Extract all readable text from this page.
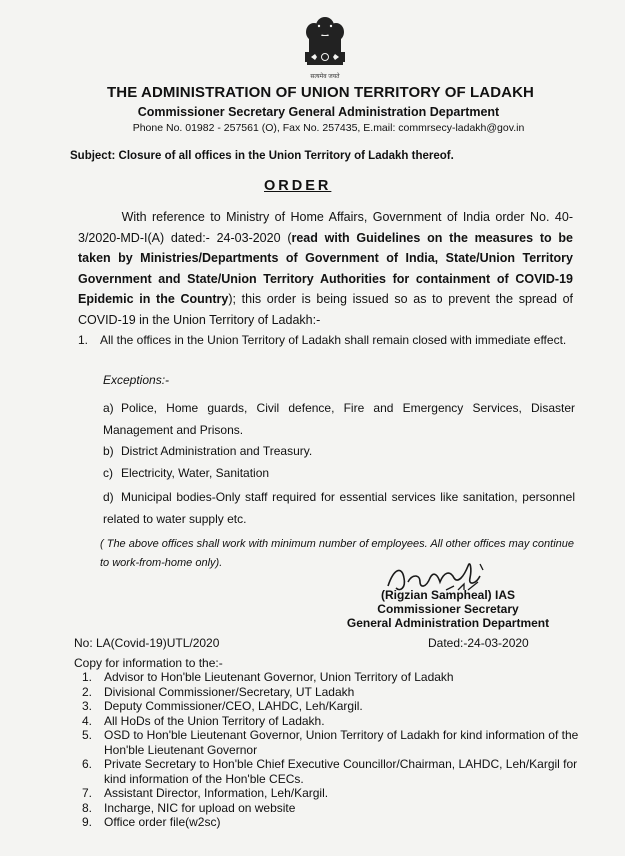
सत्यमेव जयते
THE ADMINISTRATION OF UNION TERRITORY OF LADAKH
Commissioner Secretary General Administration Department
Phone No. 01982 - 257561 (O), Fax No. 257435, E.mail: commrsecy-ladakh@gov.in
Subject: Closure of all offices in the Union Territory of Ladakh thereof.
ORDER

With reference to Ministry of Home Affairs, Government of India order No. 40-3/2020-MD-I(A) dated:- 24-03-2020 (read with Guidelines on the measures to be taken by Ministries/Departments of Government of India, State/Union Territory Government and State/Union Territory Authorities for containment of COVID-19 Epidemic in the Country); this order is being issued so as to prevent the spread of COVID-19 in the Union Territory of Ladakh:-

1. All the offices in the Union Territory of Ladakh shall remain closed with immediate effect.
Exceptions:-
a) Police, Home guards, Civil defence, Fire and Emergency Services, Disaster Management and Prisons.
b) District Administration and Treasury.
c) Electricity, Water, Sanitation
d) Municipal bodies-Only staff required for essential services like sanitation, personnel related to water supply etc.
( The above offices shall work with minimum number of employees. All other offices may continue to work-from-home only).
(Rigzian Sampheal) IAS
Commissioner Secretary
General Administration Department
No: LA(Covid-19)UTL/2020	Dated:-24-03-2020
Copy for information to the:-
1. Advisor to Hon'ble Lieutenant Governor, Union Territory of Ladakh
2. Divisional Commissioner/Secretary, UT Ladakh
3. Deputy Commissioner/CEO, LAHDC, Leh/Kargil.
4. All HoDs of the Union Territory of Ladakh.
5. OSD to Hon'ble Lieutenant Governor, Union Territory of Ladakh for kind information of the Hon'ble Lieutenant Governor
6. Private Secretary to Hon'ble Chief Executive Councillor/Chairman, LAHDC, Leh/Kargil for kind information of the Hon'ble CECs.
7. Assistant Director, Information, Leh/Kargil.
8. Incharge, NIC for upload on website
9. Office order file(w2sc)
